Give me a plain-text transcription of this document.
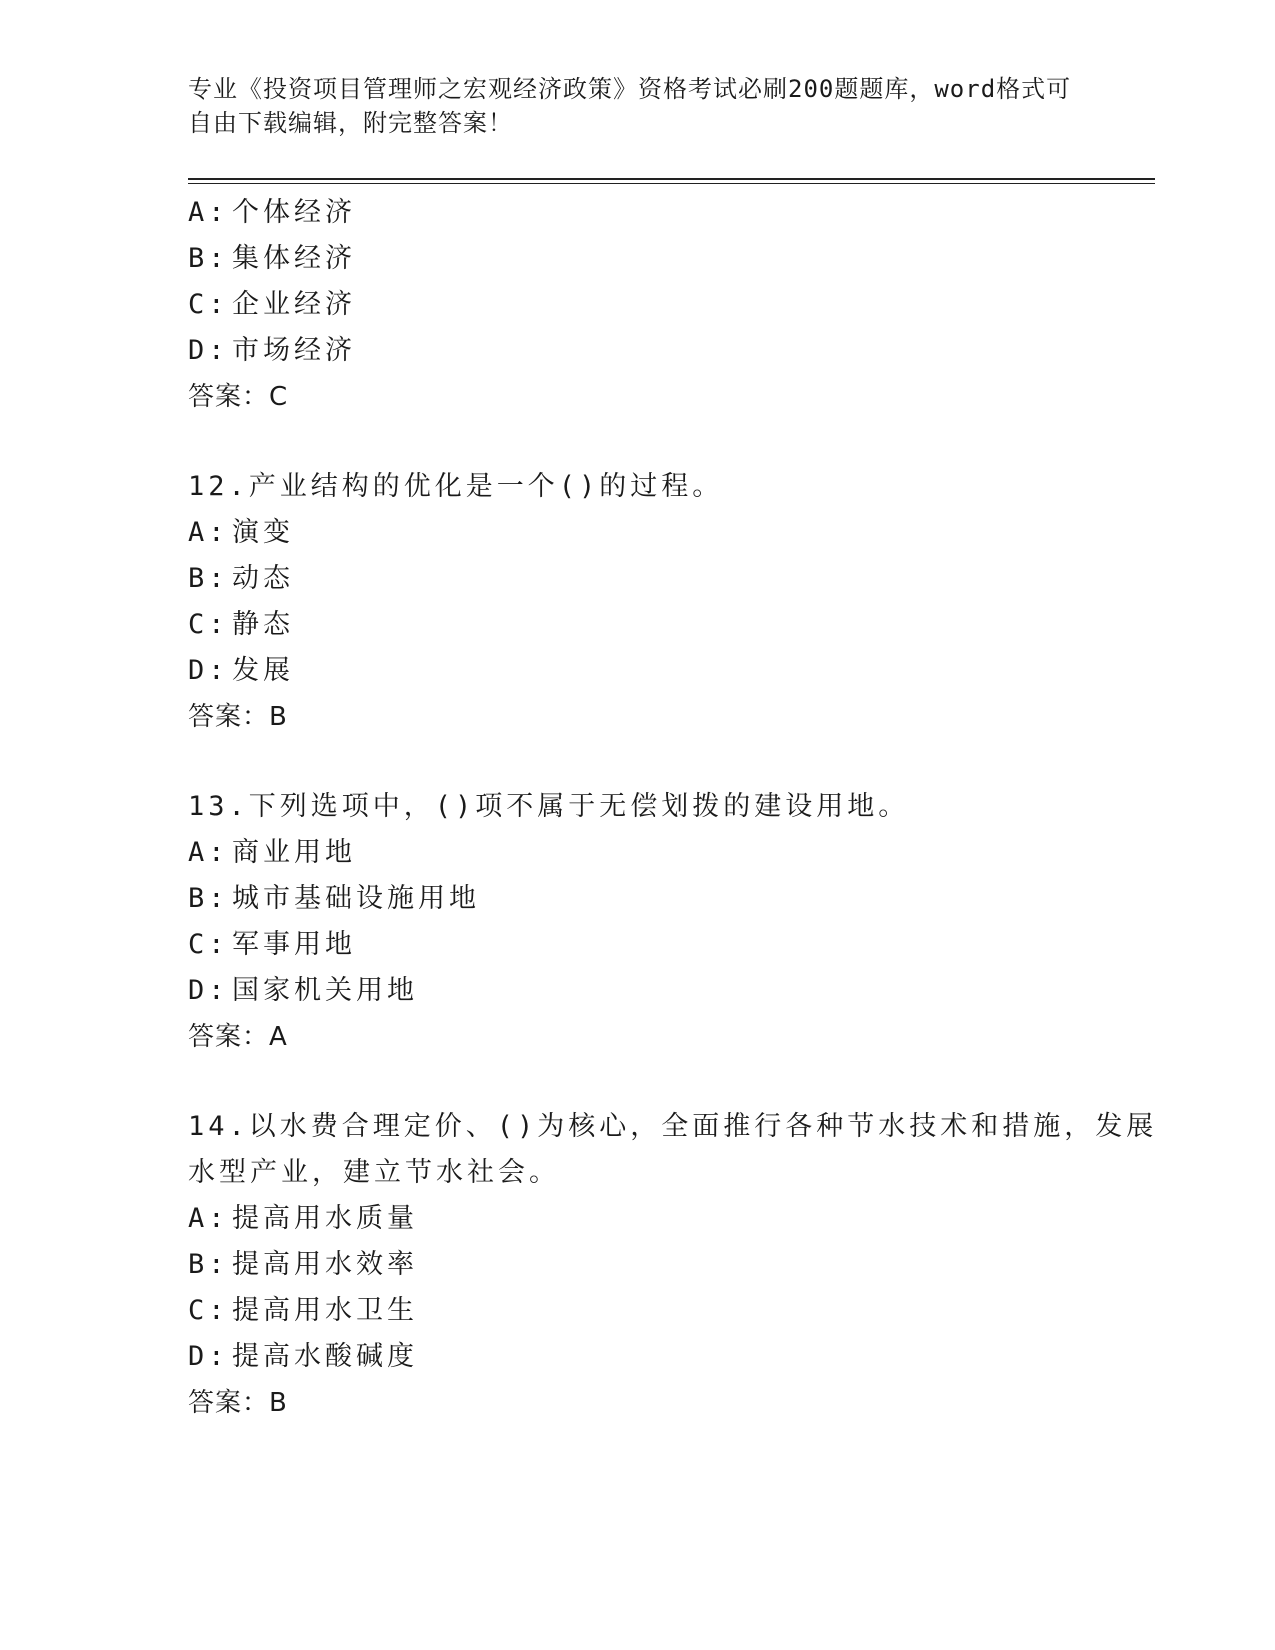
专业《投资项目管理师之宏观经济政策》资格考试必刷200题题库，word格式可
自由下载编辑，附完整答案！
A: 个体经济
B: 集体经济
C: 企业经济
D: 市场经济
答案：C
12.产业结构的优化是一个()的过程。
A: 演变
B: 动态
C: 静态
D: 发展
答案：B
13.下列选项中，()项不属于无偿划拨的建设用地。
A: 商业用地
B: 城市基础设施用地
C: 军事用地
D: 国家机关用地
答案：A
14.以水费合理定价、()为核心，全面推行各种节水技术和措施，发展
水型产业，建立节水社会。
A: 提高用水质量
B: 提高用水效率
C: 提高用水卫生
D: 提高水酸碱度
答案：B
